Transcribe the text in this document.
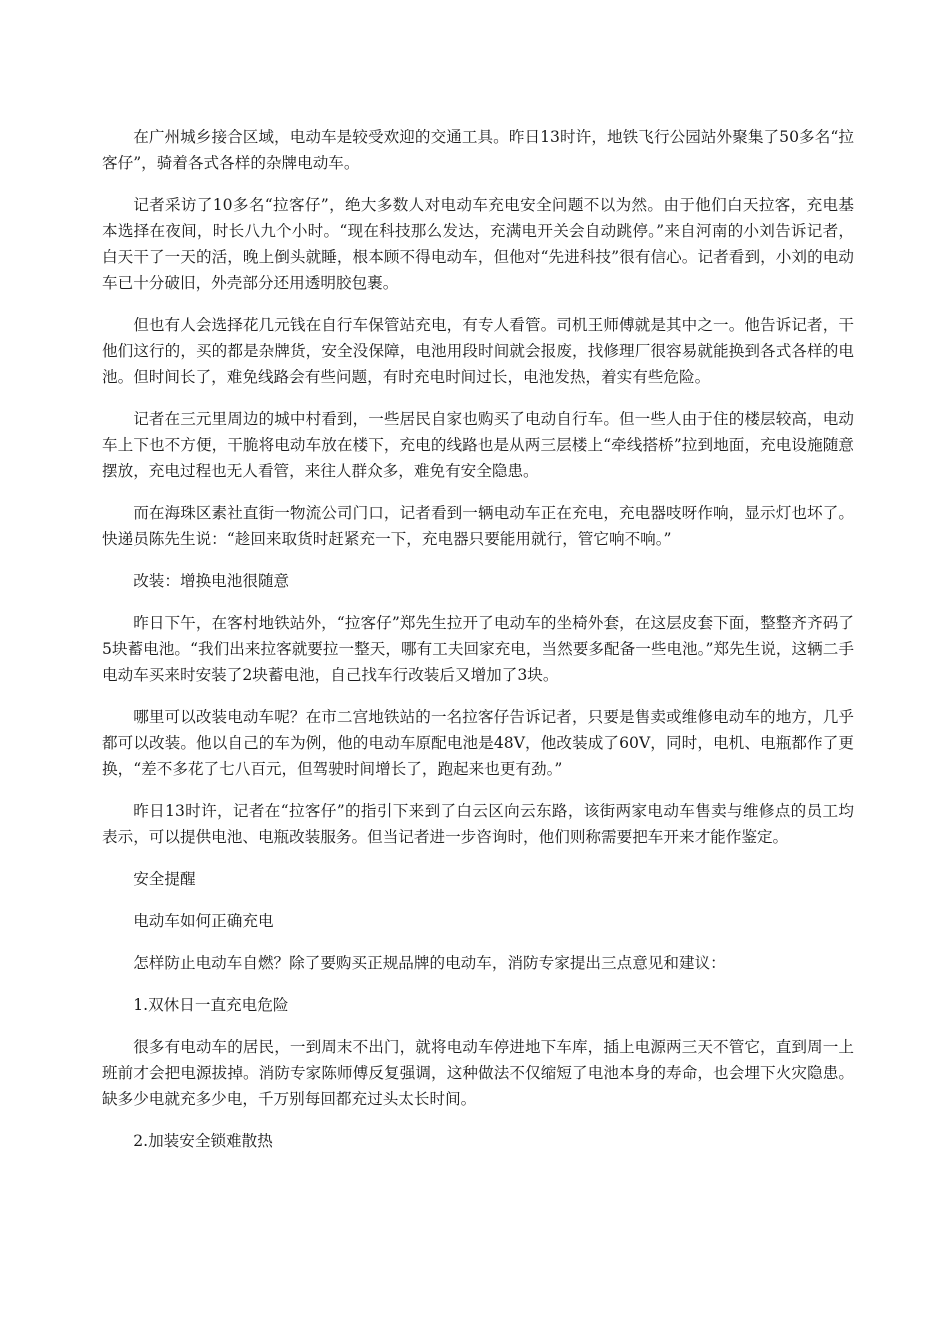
在广州城乡接合区域，电动车是较受欢迎的交通工具。昨日13时许，地铁飞行公园站外聚集了50多名“拉客仔”，骑着各式各样的杂牌电动车。

记者采访了10多名“拉客仔”，绝大多数人对电动车充电安全问题不以为然。由于他们白天拉客，充电基本选择在夜间，时长八九个小时。“现在科技那么发达，充满电开关会自动跳停。”来自河南的小刘告诉记者，白天干了一天的活，晚上倒头就睡，根本顾不得电动车，但他对“先进科技”很有信心。记者看到，小刘的电动车已十分破旧，外壳部分还用透明胶包裹。

但也有人会选择花几元钱在自行车保管站充电，有专人看管。司机王师傅就是其中之一。他告诉记者，干他们这行的，买的都是杂牌货，安全没保障，电池用段时间就会报废，找修理厂很容易就能换到各式各样的电池。但时间长了，难免线路会有些问题，有时充电时间过长，电池发热，着实有些危险。

记者在三元里周边的城中村看到，一些居民自家也购买了电动自行车。但一些人由于住的楼层较高，电动车上下也不方便，干脆将电动车放在楼下，充电的线路也是从两三层楼上“牵线搭桥”拉到地面，充电设施随意摆放，充电过程也无人看管，来往人群众多，难免有安全隐患。

而在海珠区素社直街一物流公司门口，记者看到一辆电动车正在充电，充电器吱呀作响，显示灯也坏了。快递员陈先生说：“趁回来取货时赶紧充一下，充电器只要能用就行，管它响不响。”

改装：增换电池很随意

昨日下午，在客村地铁站外，“拉客仔”郑先生拉开了电动车的坐椅外套，在这层皮套下面，整整齐齐码了5块蓄电池。“我们出来拉客就要拉一整天，哪有工夫回家充电，当然要多配备一些电池。”郑先生说，这辆二手电动车买来时安装了2块蓄电池，自己找车行改装后又增加了3块。

哪里可以改装电动车呢？在市二宫地铁站的一名拉客仔告诉记者，只要是售卖或维修电动车的地方，几乎都可以改装。他以自己的车为例，他的电动车原配电池是48V，他改装成了60V，同时，电机、电瓶都作了更换，“差不多花了七八百元，但驾驶时间增长了，跑起来也更有劲。”

昨日13时许，记者在“拉客仔”的指引下来到了白云区向云东路，该街两家电动车售卖与维修点的员工均表示，可以提供电池、电瓶改装服务。但当记者进一步咨询时，他们则称需要把车开来才能作鉴定。

安全提醒

电动车如何正确充电

怎样防止电动车自燃？除了要购买正规品牌的电动车，消防专家提出三点意见和建议：

1.双休日一直充电危险

很多有电动车的居民，一到周末不出门，就将电动车停进地下车库，插上电源两三天不管它，直到周一上班前才会把电源拔掉。消防专家陈师傅反复强调，这种做法不仅缩短了电池本身的寿命，也会埋下火灾隐患。缺多少电就充多少电，千万别每回都充过头太长时间。

2.加装安全锁难散热
